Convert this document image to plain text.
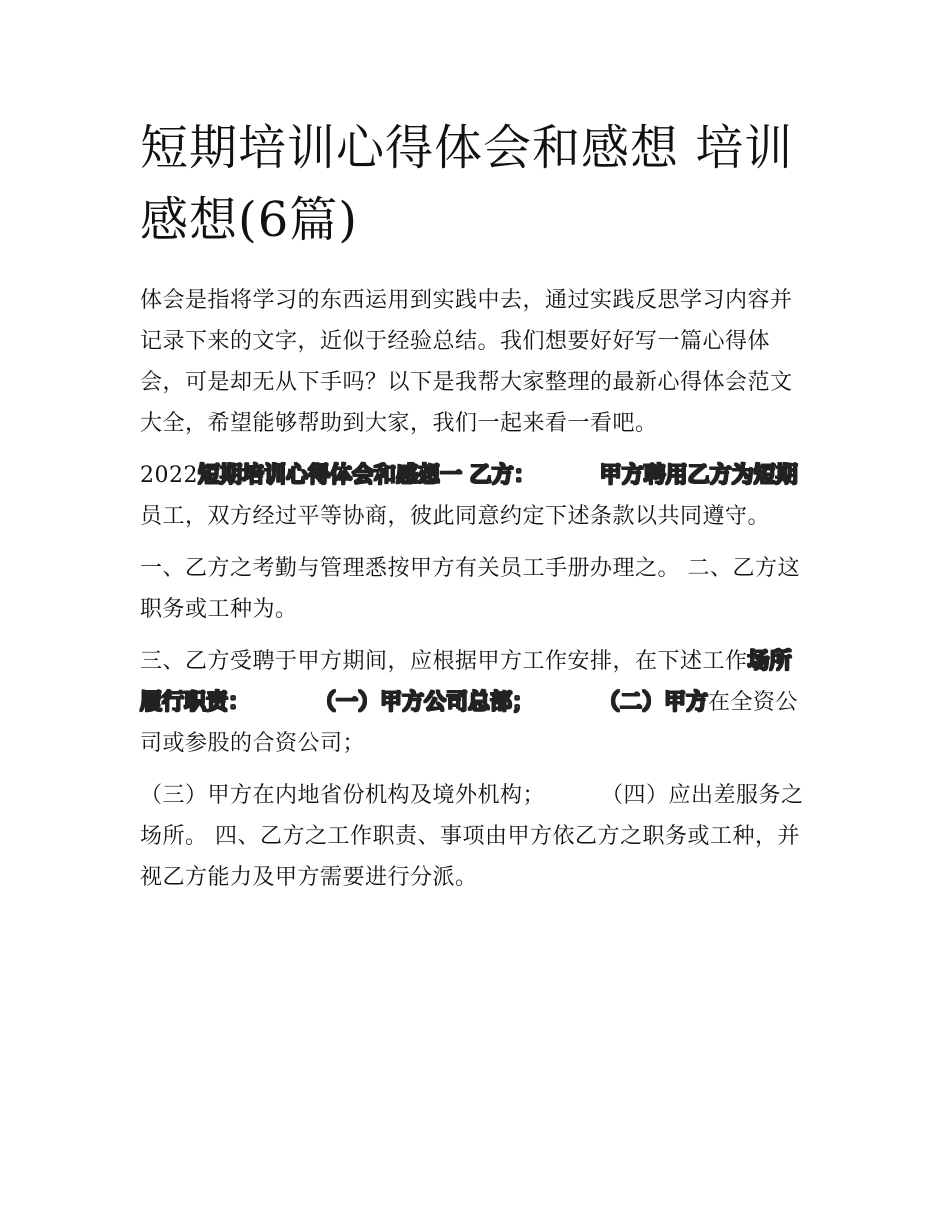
短期培训心得体会和感想 培训感想(6篇)

体会是指将学习的东西运用到实践中去，通过实践反思学习内容并记录下来的文字，近似于经验总结。我们想要好好写一篇心得体会，可是却无从下手吗？以下是我帮大家整理的最新心得体会范文大全，希望能够帮助到大家，我们一起来看一看吧。

2022短期培训心得体会和感想一 乙方：	甲方聘用乙方为短期员工，双方经过平等协商，彼此同意约定下述条款以共同遵守。

一、乙方之考勤与管理悉按甲方有关员工手册办理之。 二、乙方这职务或工种为。

三、乙方受聘于甲方期间，应根据甲方工作安排，在下述工作场所履行职责：	（一）甲方公司总部；	（二）甲方在全资公司或参股的合资公司；

（三）甲方在内地省份机构及境外机构；	（四）应出差服务之场所。 四、乙方之工作职责、事项由甲方依乙方之职务或工种，并视乙方能力及甲方需要进行分派。
